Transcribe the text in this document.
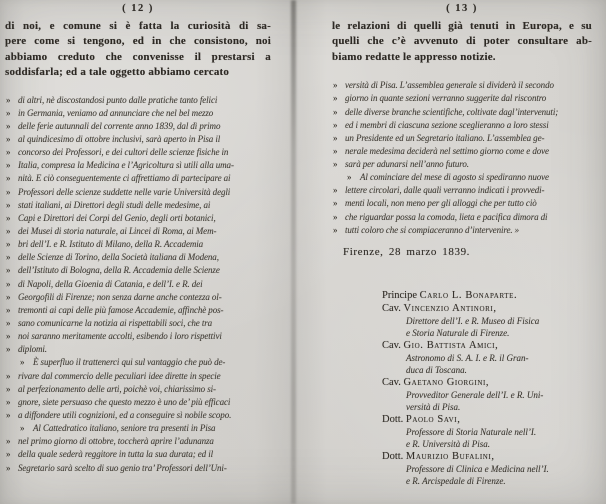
( 12 )
di noi, e comune si è fatta la curiosità di sa-
pere come si tengono, ed in che consistono, noi
abbiamo creduto che convenisse il prestarsi a
soddisfarla; ed a tale oggetto abbiamo cercato
» di altri, nè discostandosi punto dalle pratiche tanto felici
» in Germania, veniamo ad annunciare che nel bel mezzo
» delle ferie autunnali del corrente anno 1839, dal dì primo
» al quindicesimo di ottobre inclusivi, sarà aperto in Pisa il
» concorso dei Professori, e dei cultori delle scienze fisiche in
» Italia, compresa la Medicina e l’Agricoltura sì utili alla uma-
» nità. E ciò conseguentemente ci affrettiamo di partecipare ai
» Professori delle scienze suddette nelle varie Università degli
» stati italiani, ai Direttori degli studi delle medesime, ai
» Capi e Direttori dei Corpi del Genio, degli orti botanici,
» dei Musei di storia naturale, ai Lincei di Roma, ai Mem-
» bri dell’I. e R. Istituto di Milano, della R. Accademia
» delle Scienze di Torino, della Società italiana di Modena,
» dell’Istituto di Bologna, della R. Accademia delle Scienze
» di Napoli, della Gioenia di Catania, e dell’I. e R. dei
» Georgofili di Firenze; non senza darne anche contezza ol-
» tremonti ai capi delle più famose Accademie, affinchè pos-
» sano comunicarne la notizia ai rispettabili soci, che tra
» noi saranno meritamente accolti, esibendo i loro rispettivi
» diplomi.
» È superfluo il trattenerci qui sul vantaggio che può de-
» rivare dal commercio delle peculiari idee dirette in specie
» al perfezionamento delle arti, poichè voi, chiarissimo si-
» gnore, siete persuaso che questo mezzo è uno de’ più efficaci
» a diffondere utili cognizioni, ed a conseguire sì nobile scopo.
» Al Cattedratico italiano, seniore tra presenti in Pisa
» nel primo giorno di ottobre, toccherà aprire l’adunanza
» della quale sederà reggitore in tutta la sua durata; ed il
» Segretario sarà scelto di suo genio tra’ Professori dell’Uni-
( 13 )
le relazioni di quelli già tenuti in Europa, e su
quelli che c’è avvenuto di poter consultare ab-
biamo redatte le appresso notizie.
» versità di Pisa. L’assemblea generale si dividerà il secondo
» giorno in quante sezioni verranno suggerite dal riscontro
» delle diverse branche scientifiche, coltivate dagl’intervenuti;
» ed i membri di ciascuna sezione sceglieranno a loro stessi
» un Presidente ed un Segretario italiano. L’assemblea ge-
» nerale medesima deciderà nel settimo giorno come e dove
» sarà per adunarsi nell’anno futuro.
» Al cominciare del mese di agosto si spediranno nuove
» lettere circolari, dalle quali verranno indicati i provvedi-
» menti locali, non meno per gli alloggi che per tutto ciò
» che riguardar possa la comoda, lieta e pacifica dimora di
» tutti coloro che si compiaceranno d’intervenire. »
Firenze, 28 marzo 1839.
Principe Carlo L. Bonaparte.
Cav. Vincenzio Antinori,
Direttore dell’I. e R. Museo di Fisica
e Storia Naturale di Firenze.
Cav. Gio. Battista Amici,
Astronomo di S. A. I. e R. il Gran-
duca di Toscana.
Cav. Gaetano Giorgini,
Provveditor Generale dell’I. e R. Uni-
versità di Pisa.
Dott. Paolo Savi,
Professore di Storia Naturale nell’I.
e R. Università di Pisa.
Dott. Maurizio Bufalini,
Professore di Clinica e Medicina nell’I.
e R. Arcispedale di Firenze.
